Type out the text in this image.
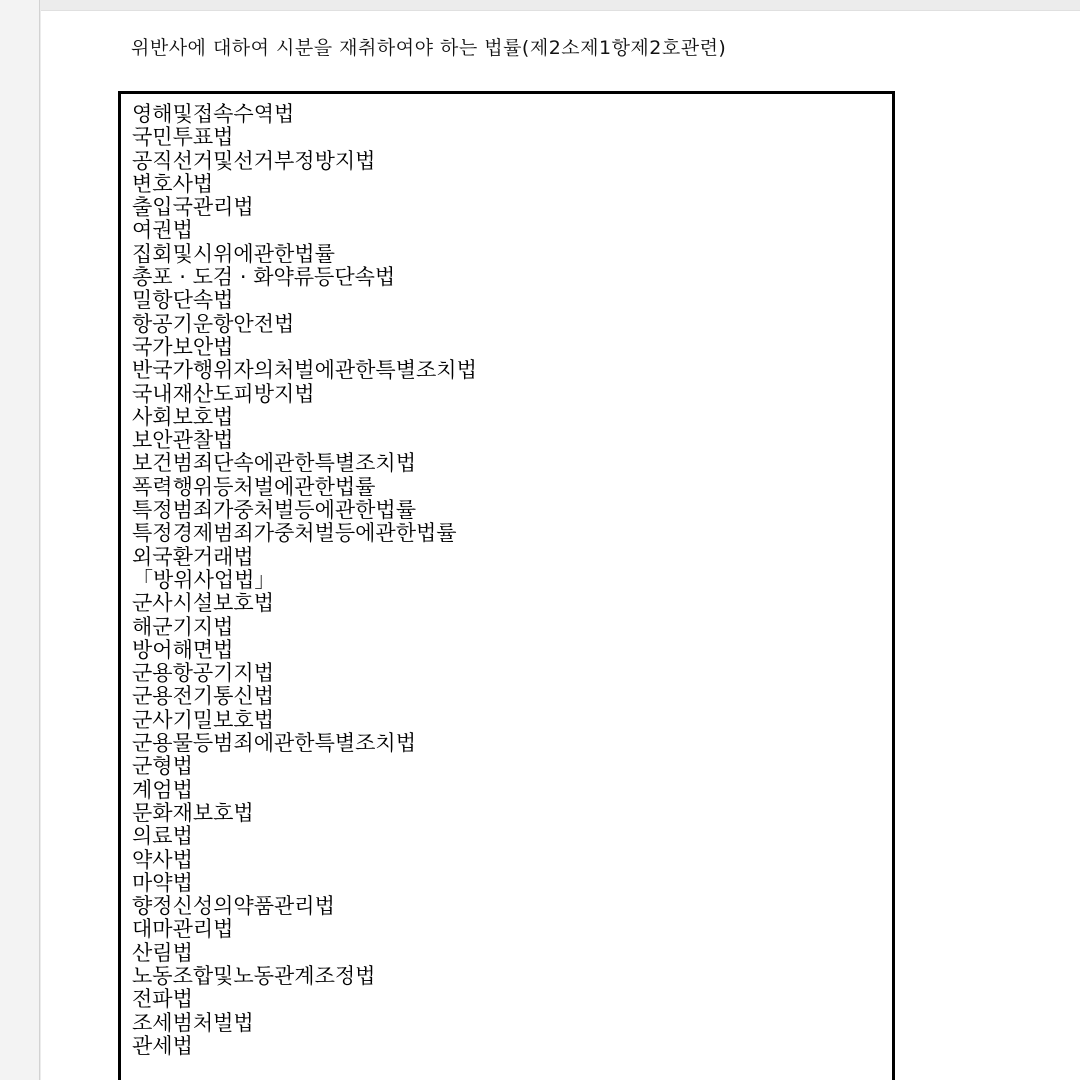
위반사에 대하여 시분을 재취하여야 하는 법률(제2소제1항제2호관련)
영해및접속수역법
국민투표법
공직선거및선거부정방지법
변호사법
출입국관리법
여권법
집회및시위에관한법률
총포 · 도검 · 화약류등단속법
밀항단속법
항공기운항안전법
국가보안법
반국가행위자의처벌에관한특별조치법
국내재산도피방지법
사회보호법
보안관찰법
보건범죄단속에관한특별조치법
폭력행위등처벌에관한법률
특정범죄가중처벌등에관한법률
특정경제범죄가중처벌등에관한법률
외국환거래법
「방위사업법」
군사시설보호법
해군기지법
방어해면법
군용항공기지법
군용전기통신법
군사기밀보호법
군용물등범죄에관한특별조치법
군형법
계엄법
문화재보호법
의료법
약사법
마약법
향정신성의약품관리법
대마관리법
산림법
노동조합및노동관계조정법
전파법
조세범처벌법
관세법
